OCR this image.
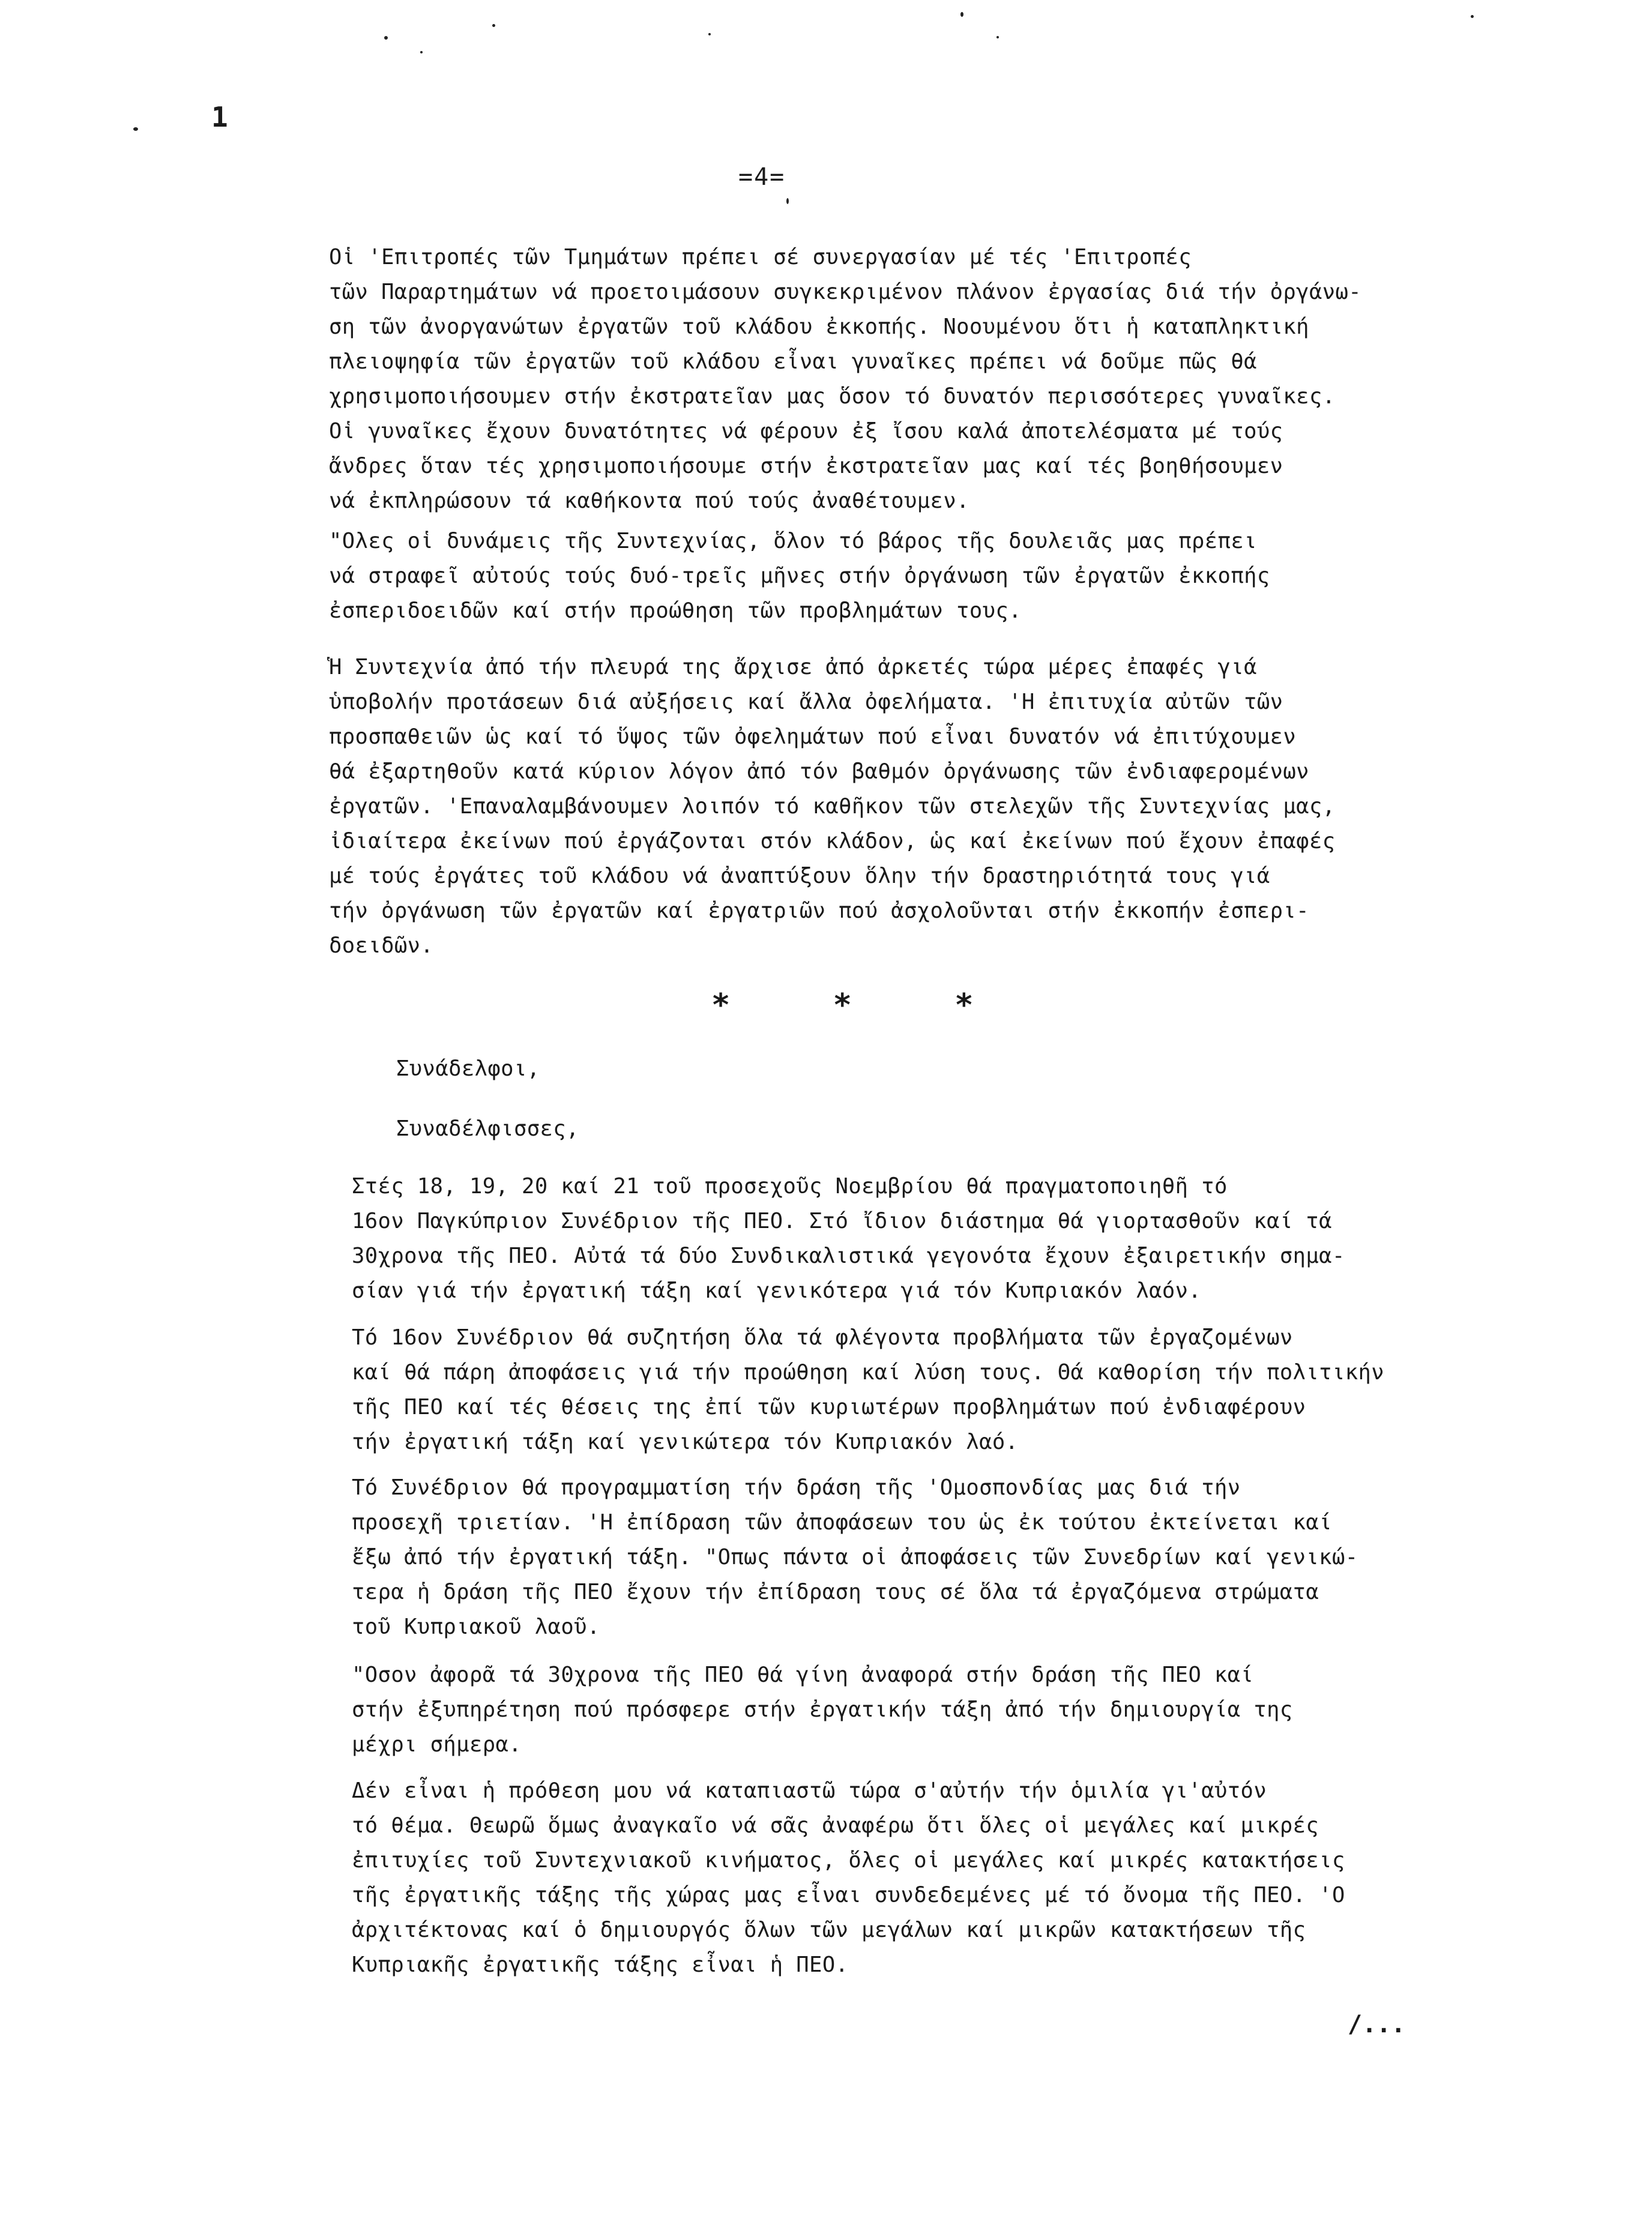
1
=4=
Οἱ 'Επιτροπές τῶν Τμημάτων πρέπει σέ συνεργασίαν μέ τές 'Επιτροπές
τῶν Παραρτημάτων νά προετοιμάσουν συγκεκριμένον πλάνον ἐργασίας διά τήν ὀργάνω-
ση τῶν ἀνοργανώτων ἐργατῶν τοῦ κλάδου ἐκκοπής. Νοουμένου ὅτι ἡ καταπληκτική
πλειοψηφία τῶν ἐργατῶν τοῦ κλάδου εἶναι γυναῖκες πρέπει νά δοῦμε πῶς θά
χρησιμοποιήσουμεν στήν ἐκστρατεῖαν μας ὅσον τό δυνατόν περισσότερες γυναῖκες.
Οἱ γυναῖκες ἔχουν δυνατότητες νά φέρουν ἐξ ἴσου καλά ἀποτελέσματα μέ τούς
ἄνδρες ὅταν τές χρησιμοποιήσουμε στήν ἐκστρατεῖαν μας καί τές βοηθήσουμεν
νά ἐκπληρώσουν τά καθήκοντα πού τούς ἀναθέτουμεν.
"Ολες οἱ δυνάμεις τῆς Συντεχνίας, ὅλον τό βάρος τῆς δουλειᾶς μας πρέπει
νά στραφεῖ αὐτούς τούς δυό-τρεῖς μῆνες στήν ὀργάνωση τῶν ἐργατῶν ἐκκοπής
ἐσπεριδοειδῶν καί στήν προώθηση τῶν προβλημάτων τους.
Ἡ Συντεχνία ἀπό τήν πλευρά της ἄρχισε ἀπό ἀρκετές τώρα μέρες ἐπαφές γιά
ὑποβολήν προτάσεων διά αὐξήσεις καί ἄλλα ὀφελήματα. 'Η ἐπιτυχία αὐτῶν τῶν
προσπαθειῶν ὡς καί τό ὕψος τῶν ὀφελημάτων πού εἶναι δυνατόν νά ἐπιτύχουμεν
θά ἐξαρτηθοῦν κατά κύριον λόγον ἀπό τόν βαθμόν ὀργάνωσης τῶν ἐνδιαφερομένων
ἐργατῶν. 'Επαναλαμβάνουμεν λοιπόν τό καθῆκον τῶν στελεχῶν τῆς Συντεχνίας μας,
ἰδιαίτερα ἐκείνων πού ἐργάζονται στόν κλάδον, ὡς καί ἐκείνων πού ἔχουν ἐπαφές
μέ τούς ἐργάτες τοῦ κλάδου νά ἀναπτύξουν ὅλην τήν δραστηριότητά τους γιά
τήν ὀργάνωση τῶν ἐργατῶν καί ἐργατριῶν πού ἀσχολοῦνται στήν ἐκκοπήν ἐσπερι-
δοειδῶν.
* * *
Συνάδελφοι,
Συναδέλφισσες,
Στές 18, 19, 20 καί 21 τοῦ προσεχοῦς Νοεμβρίου θά πραγματοποιηθῆ τό
16ον Παγκύπριον Συνέδριον τῆς ΠΕΟ. Στό ἴδιον διάστημα θά γιορτασθοῦν καί τά
30χρονα τῆς ΠΕΟ. Αὐτά τά δύο Συνδικαλιστικά γεγονότα ἔχουν ἐξαιρετικήν σημα-
σίαν γιά τήν ἐργατική τάξη καί γενικότερα γιά τόν Κυπριακόν λαόν.
Τό 16ον Συνέδριον θά συζητήση ὅλα τά φλέγοντα προβλήματα τῶν ἐργαζομένων
καί θά πάρη ἀποφάσεις γιά τήν προώθηση καί λύση τους. Θά καθορίση τήν πολιτικήν
τῆς ΠΕΟ καί τές θέσεις της ἐπί τῶν κυριωτέρων προβλημάτων πού ἐνδιαφέρουν
τήν ἐργατική τάξη καί γενικώτερα τόν Κυπριακόν λαό.
Τό Συνέδριον θά προγραμματίση τήν δράση τῆς 'Ομοσπονδίας μας διά τήν
προσεχῆ τριετίαν. 'Η ἐπίδραση τῶν ἀποφάσεων του ὡς ἐκ τούτου ἐκτείνεται καί
ἔξω ἀπό τήν ἐργατική τάξη. "Οπως πάντα οἱ ἀποφάσεις τῶν Συνεδρίων καί γενικώ-
τερα ἡ δράση τῆς ΠΕΟ ἔχουν τήν ἐπίδραση τους σέ ὅλα τά ἐργαζόμενα στρώματα
τοῦ Κυπριακοῦ λαοῦ.
"Οσον ἀφορᾶ τά 30χρονα τῆς ΠΕΟ θά γίνη ἀναφορά στήν δράση τῆς ΠΕΟ καί
στήν ἐξυπηρέτηση πού πρόσφερε στήν ἐργατικήν τάξη ἀπό τήν δημιουργία της
μέχρι σήμερα.
Δέν εἶναι ἡ πρόθεση μου νά καταπιαστῶ τώρα σ'αὐτήν τήν ὁμιλία γι'αὐτόν
τό θέμα. Θεωρῶ ὅμως ἀναγκαῖο νά σᾶς ἀναφέρω ὅτι ὅλες οἱ μεγάλες καί μικρές
ἐπιτυχίες τοῦ Συντεχνιακοῦ κινήματος, ὅλες οἱ μεγάλες καί μικρές κατακτήσεις
τῆς ἐργατικῆς τάξης τῆς χώρας μας εἶναι συνδεδεμένες μέ τό ὄνομα τῆς ΠΕΟ. 'Ο
ἀρχιτέκτονας καί ὁ δημιουργός ὅλων τῶν μεγάλων καί μικρῶν κατακτήσεων τῆς
Κυπριακῆς ἐργατικῆς τάξης εἶναι ἡ ΠΕΟ.
/...
